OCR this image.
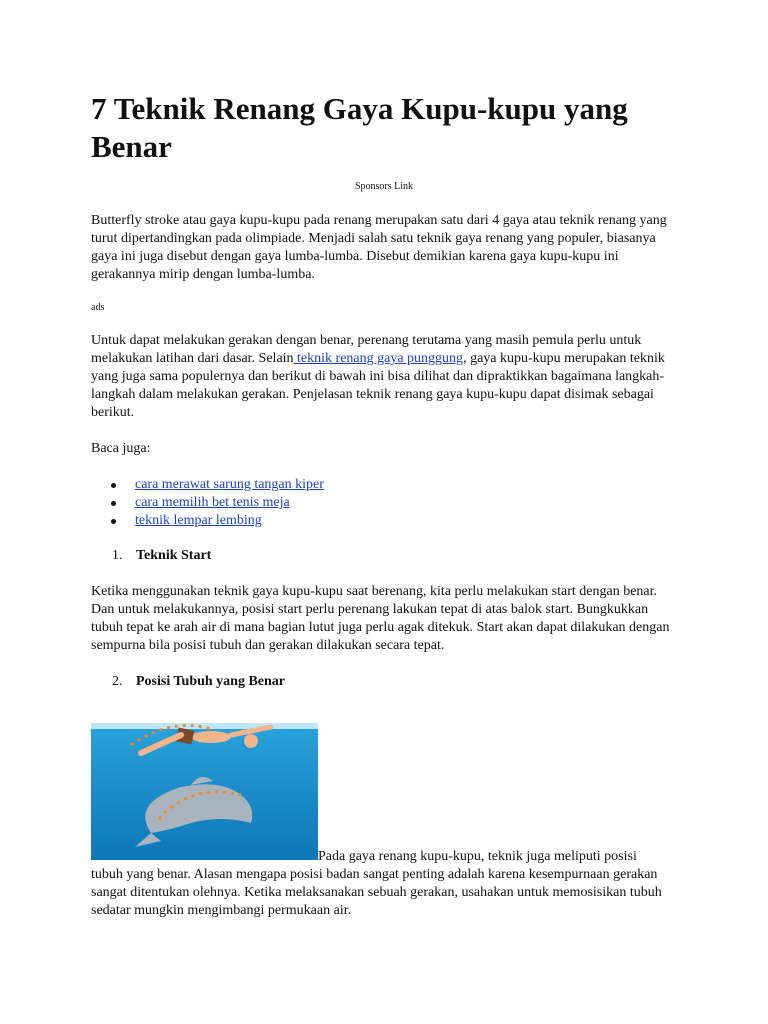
7 Teknik Renang Gaya Kupu-kupu yang Benar
Sponsors Link

Butterfly stroke atau gaya kupu-kupu pada renang merupakan satu dari 4 gaya atau teknik renang yang turut dipertandingkan pada olimpiade. Menjadi salah satu teknik gaya renang yang populer, biasanya gaya ini juga disebut dengan gaya lumba-lumba. Disebut demikian karena gaya kupu-kupu ini gerakannya mirip dengan lumba-lumba.

ads

Untuk dapat melakukan gerakan dengan benar, perenang terutama yang masih pemula perlu untuk melakukan latihan dari dasar. Selain teknik renang gaya punggung, gaya kupu-kupu merupakan teknik yang juga sama populernya dan berikut di bawah ini bisa dilihat dan dipraktikkan bagaimana langkah-langkah dalam melakukan gerakan. Penjelasan teknik renang gaya kupu-kupu dapat disimak sebagai berikut.

Baca juga:

cara merawat sarung tangan kiper
cara memilih bet tenis meja
teknik lempar lembing
1. Teknik Start

Ketika menggunakan teknik gaya kupu-kupu saat berenang, kita perlu melakukan start dengan benar. Dan untuk melakukannya, posisi start perlu perenang lakukan tepat di atas balok start. Bungkukkan tubuh tepat ke arah air di mana bagian lutut juga perlu agak ditekuk. Start akan dapat dilakukan dengan sempurna bila posisi tubuh dan gerakan dilakukan secara tepat.

2. Posisi Tubuh yang Benar
Pada gaya renang kupu-kupu, teknik juga meliputi posisi

tubuh yang benar. Alasan mengapa posisi badan sangat penting adalah karena kesempurnaan gerakan sangat ditentukan olehnya. Ketika melaksanakan sebuah gerakan, usahakan untuk memosisikan tubuh sedatar mungkin mengimbangi permukaan air.
